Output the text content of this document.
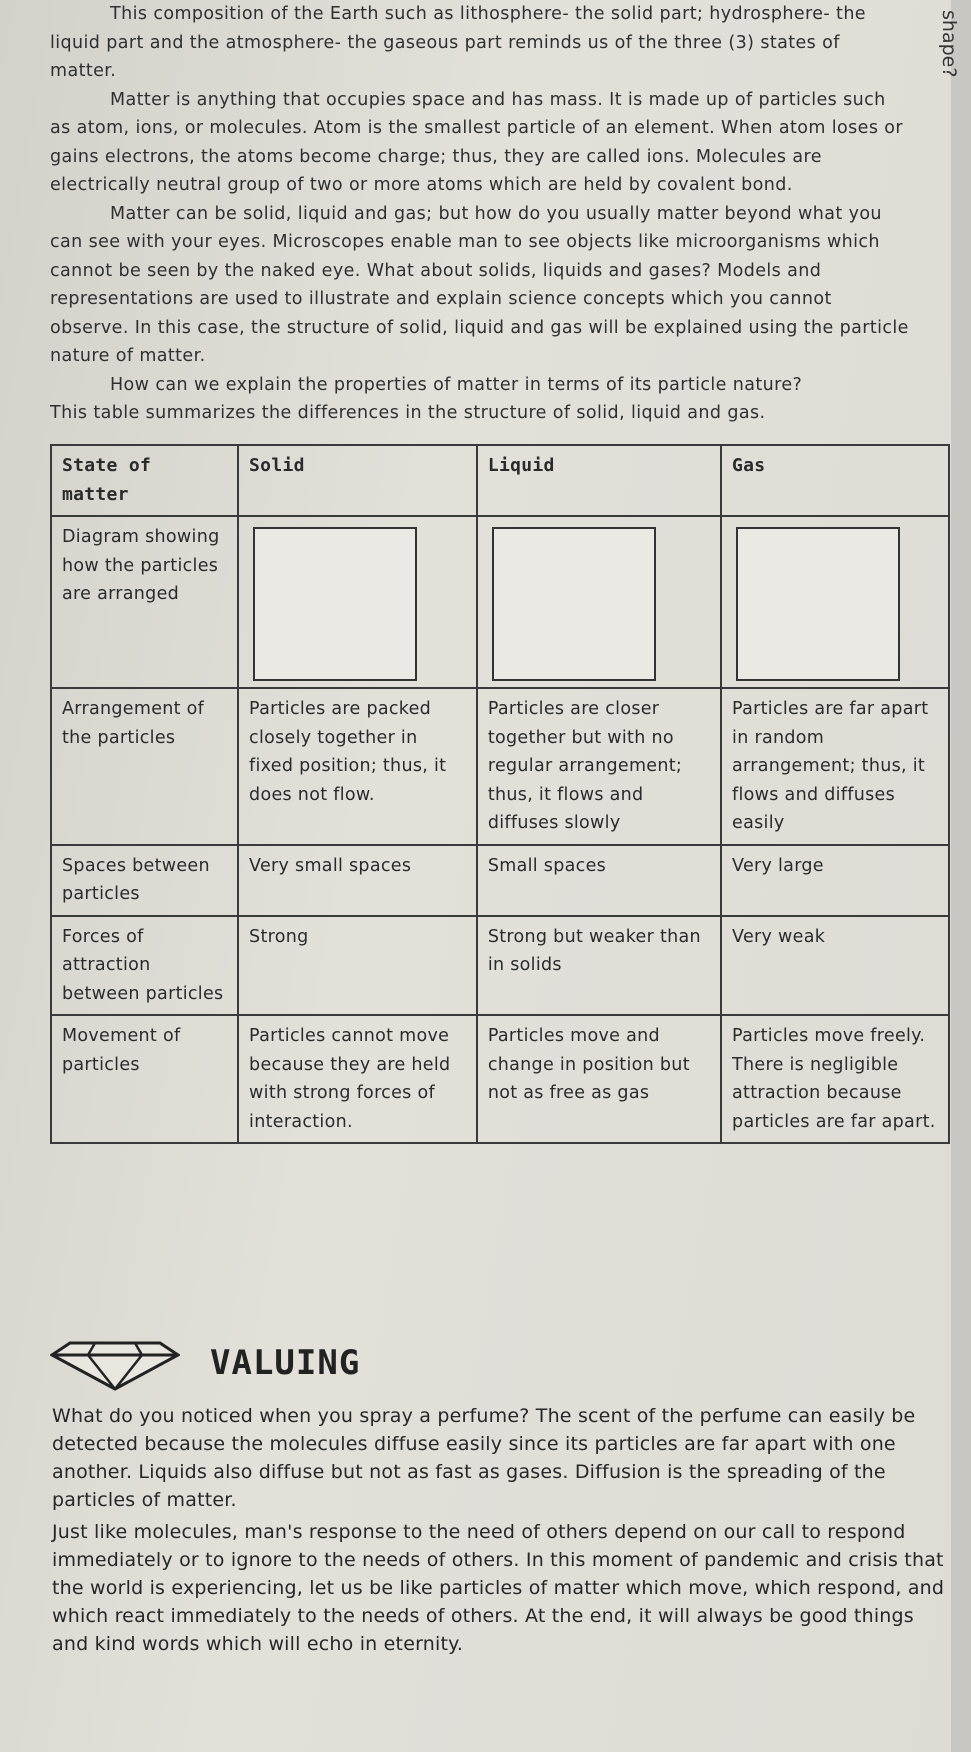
shape?

This composition of the Earth such as lithosphere- the solid part; hydrosphere- the liquid part and the atmosphere- the gaseous part reminds us of the three (3) states of matter.

Matter is anything that occupies space and has mass. It is made up of particles such as atom, ions, or molecules. Atom is the smallest particle of an element. When atom loses or gains electrons, the atoms become charge; thus, they are called ions. Molecules are electrically neutral group of two or more atoms which are held by covalent bond.

Matter can be solid, liquid and gas; but how do you usually matter beyond what you can see with your eyes. Microscopes enable man to see objects like microorganisms which cannot be seen by the naked eye. What about solids, liquids and gases? Models and representations are used to illustrate and explain science concepts which you cannot observe. In this case, the structure of solid, liquid and gas will be explained using the particle nature of matter.

How can we explain the properties of matter in terms of its particle nature?

This table summarizes the differences in the structure of solid, liquid and gas.

State of matter	Solid	Liquid	Gas
Diagram showing how the particles are arranged	

Arrangement of the particles	Particles are packed closely together in fixed position; thus, it does not flow.	Particles are closer together but with no regular arrangement; thus, it flows and diffuses slowly	Particles are far apart in random arrangement; thus, it flows and diffuses easily
Spaces between particles	Very small spaces	Small spaces	Very large
Forces of attraction between particles	Strong	Strong but weaker than in solids	Very weak
Movement of particles	Particles cannot move because they are held with strong forces of interaction.	Particles move and change in position but not as free as gas	Particles move freely. There is negligible attraction because particles are far apart.
VALUING

What do you noticed when you spray a perfume? The scent of the perfume can easily be detected because the molecules diffuse easily since its particles are far apart with one another. Liquids also diffuse but not as fast as gases. Diffusion is the spreading of the particles of matter.

Just like molecules, man's response to the need of others depend on our call to respond immediately or to ignore to the needs of others. In this moment of pandemic and crisis that the world is experiencing, let us be like particles of matter which move, which respond, and which react immediately to the needs of others. At the end, it will always be good things and kind words which will echo in eternity.
